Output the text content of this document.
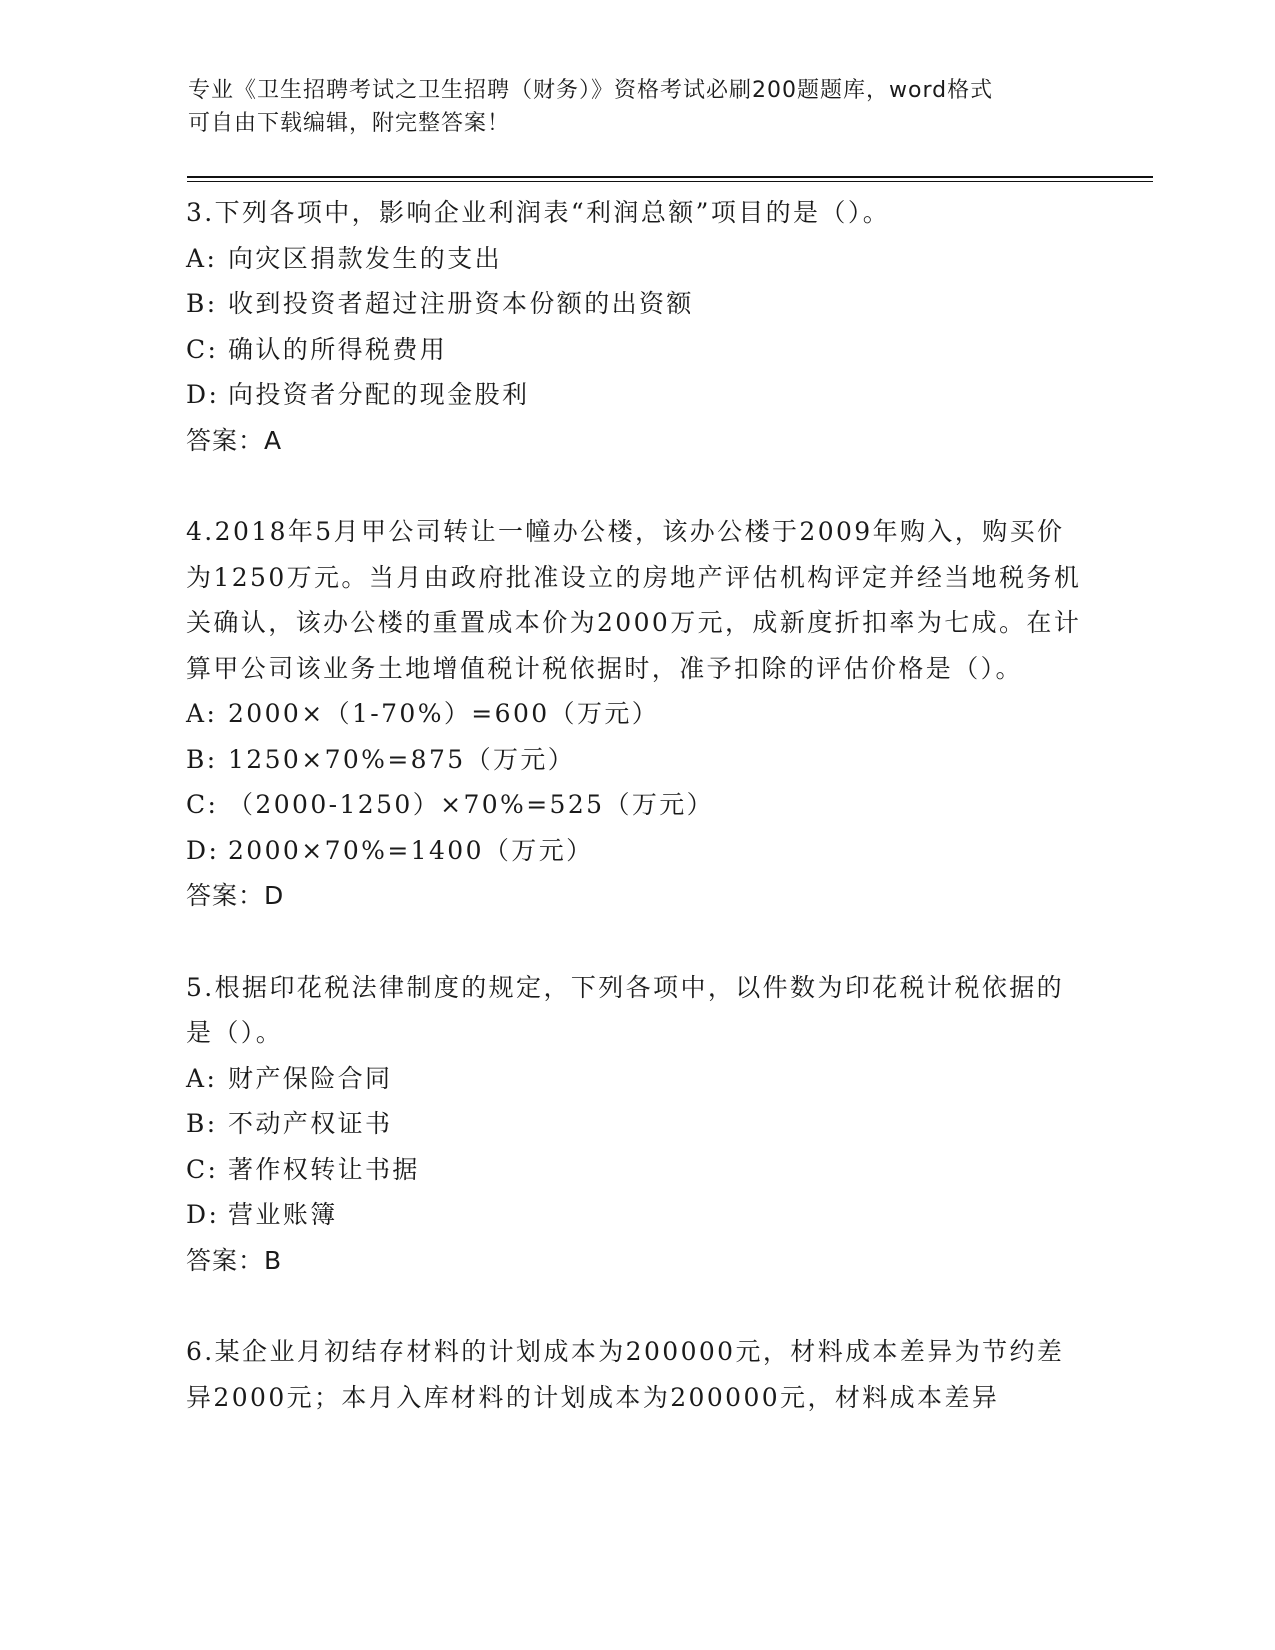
专业《卫生招聘考试之卫生招聘（财务）》资格考试必刷200题题库，word格式
可自由下载编辑，附完整答案！

3.下列各项中，影响企业利润表“利润总额”项目的是（）。

A: 向灾区捐款发生的支出

B: 收到投资者超过注册资本份额的出资额

C: 确认的所得税费用

D: 向投资者分配的现金股利

答案：A

4.2018年5月甲公司转让一幢办公楼，该办公楼于2009年购入，购买价为1250万元。当月由政府批准设立的房地产评估机构评定并经当地税务机关确认，该办公楼的重置成本价为2000万元，成新度折扣率为七成。在计算甲公司该业务土地增值税计税依据时，准予扣除的评估价格是（）。

A: 2000×（1-70%）=600（万元）

B: 1250×70%=875（万元）

C: （2000-1250）×70%=525（万元）

D: 2000×70%=1400（万元）

答案：D

5.根据印花税法律制度的规定，下列各项中，以件数为印花税计税依据的是（）。

A: 财产保险合同

B: 不动产权证书

C: 著作权转让书据

D: 营业账簿

答案：B

6.某企业月初结存材料的计划成本为200000元，材料成本差异为节约差异2000元；本月入库材料的计划成本为200000元，材料成本差异
